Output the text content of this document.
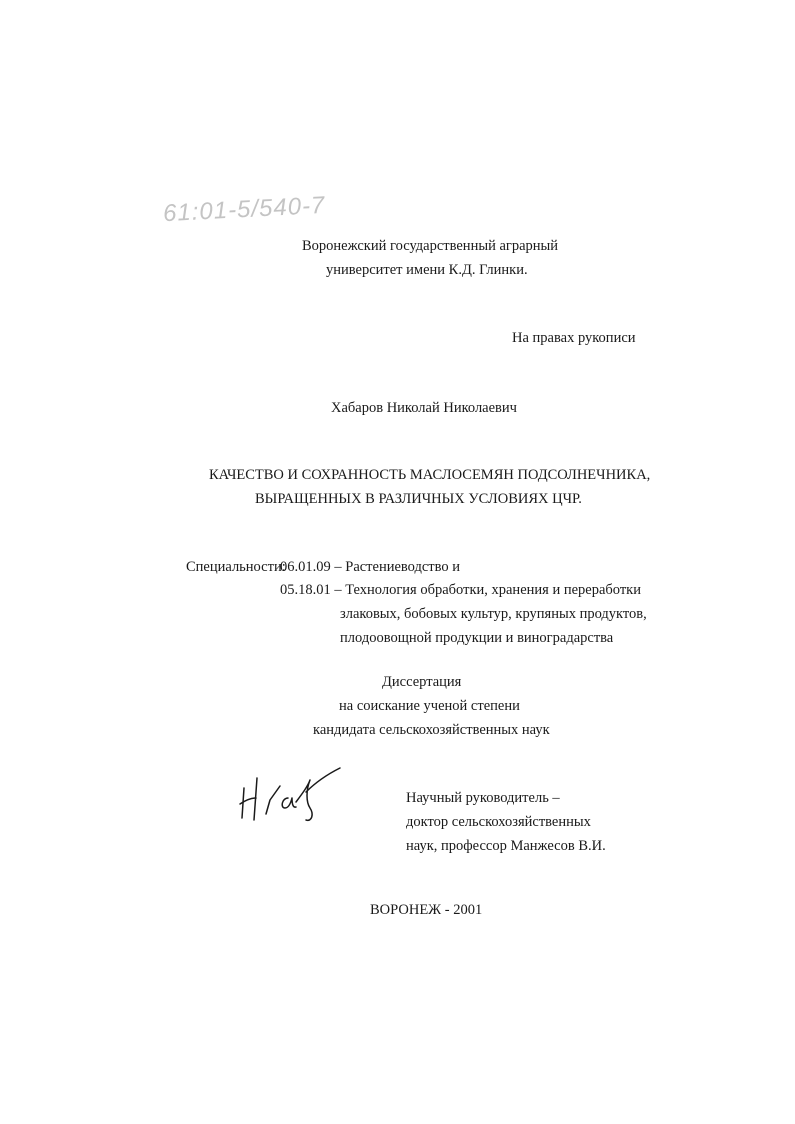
61:01-5/540-7
Воронежский государственный аграрный
университет имени К.Д. Глинки.
На правах рукописи
Хабаров Николай Николаевич
КАЧЕСТВО И СОХРАННОСТЬ МАСЛОСЕМЯН ПОДСОЛНЕЧНИКА,
ВЫРАЩЕННЫХ В РАЗЛИЧНЫХ УСЛОВИЯХ ЦЧР.
Специальности:
06.01.09 – Растениеводство и
05.18.01 – Технология обработки, хранения и переработки
злаковых, бобовых культур, крупяных продуктов,
плодоовощной продукции и виноградарства
Диссертация
на соискание ученой степени
кандидата сельскохозяйственных наук
Научный руководитель –
доктор сельскохозяйственных
наук, профессор Манжесов В.И.
ВОРОНЕЖ - 2001
